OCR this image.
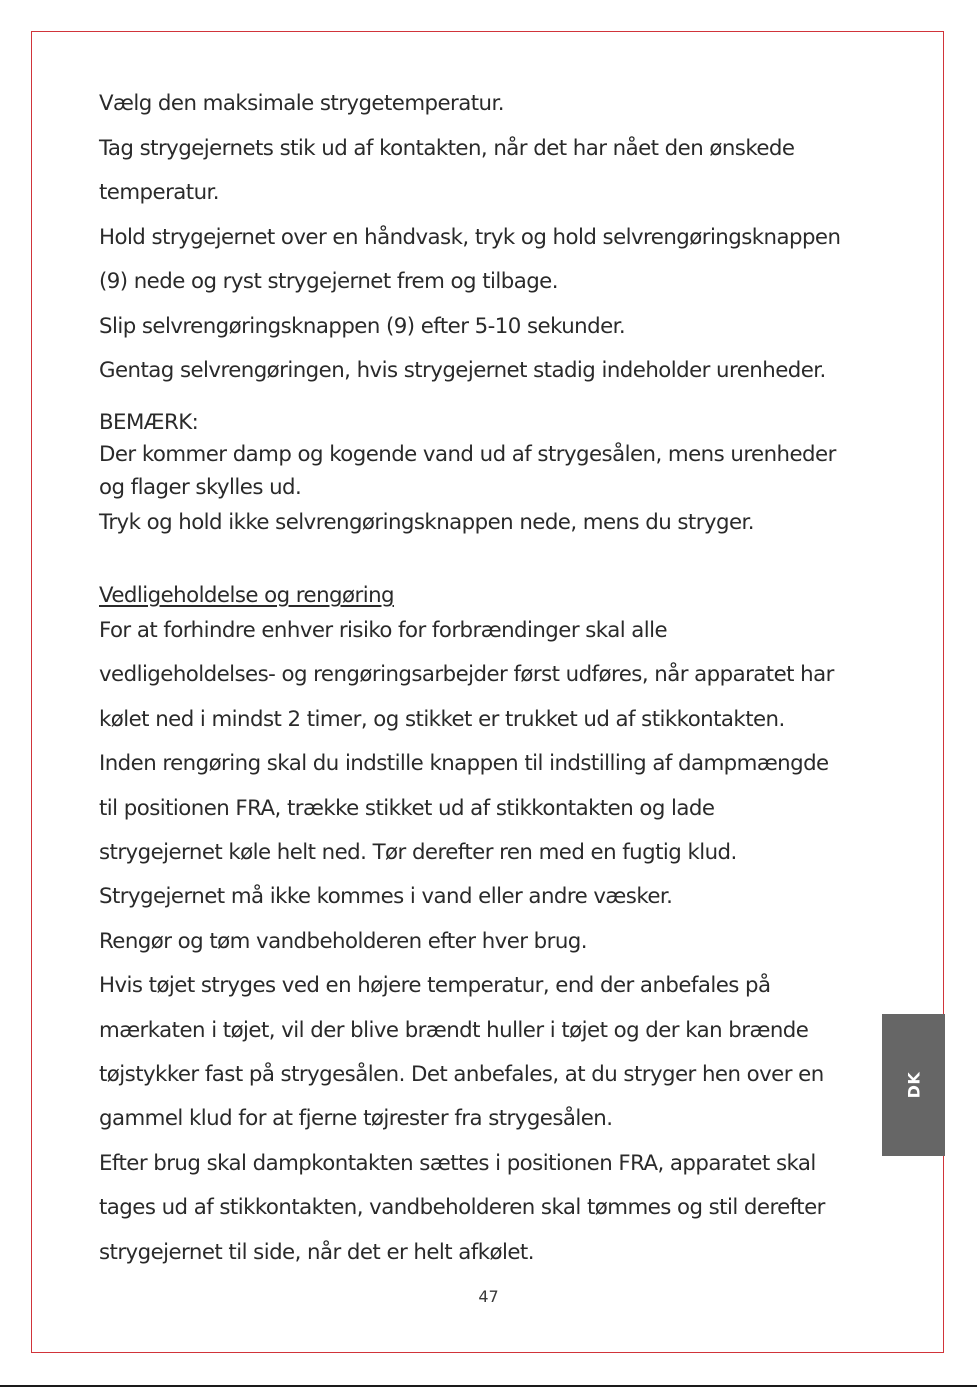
Vælg den maksimale strygetemperatur.
Tag strygejernets stik ud af kontakten, når det har nået den ønskede
temperatur.
Hold strygejernet over en håndvask, tryk og hold selvrengøringsknappen
(9) nede og ryst strygejernet frem og tilbage.
Slip selvrengøringsknappen (9) efter 5-10 sekunder.
Gentag selvrengøringen, hvis strygejernet stadig indeholder urenheder.
BEMÆRK:
Der kommer damp og kogende vand ud af strygesålen, mens urenheder
og flager skylles ud.
Tryk og hold ikke selvrengøringsknappen nede, mens du stryger.
Vedligeholdelse og rengøring
For at forhindre enhver risiko for forbrændinger skal alle
vedligeholdelses- og rengøringsarbejder først udføres, når apparatet har
kølet ned i mindst 2 timer, og stikket er trukket ud af stikkontakten.
Inden rengøring skal du indstille knappen til indstilling af dampmængde
til positionen FRA, trække stikket ud af stikkontakten og lade
strygejernet køle helt ned. Tør derefter ren med en fugtig klud.
Strygejernet må ikke kommes i vand eller andre væsker.
Rengør og tøm vandbeholderen efter hver brug.
Hvis tøjet stryges ved en højere temperatur, end der anbefales på
mærkaten i tøjet, vil der blive brændt huller i tøjet og der kan brænde
tøjstykker fast på strygesålen. Det anbefales, at du stryger hen over en
gammel klud for at fjerne tøjrester fra strygesålen.
Efter brug skal dampkontakten sættes i positionen FRA, apparatet skal
tages ud af stikkontakten, vandbeholderen skal tømmes og stil derefter
strygejernet til side, når det er helt afkølet.
47
DK
